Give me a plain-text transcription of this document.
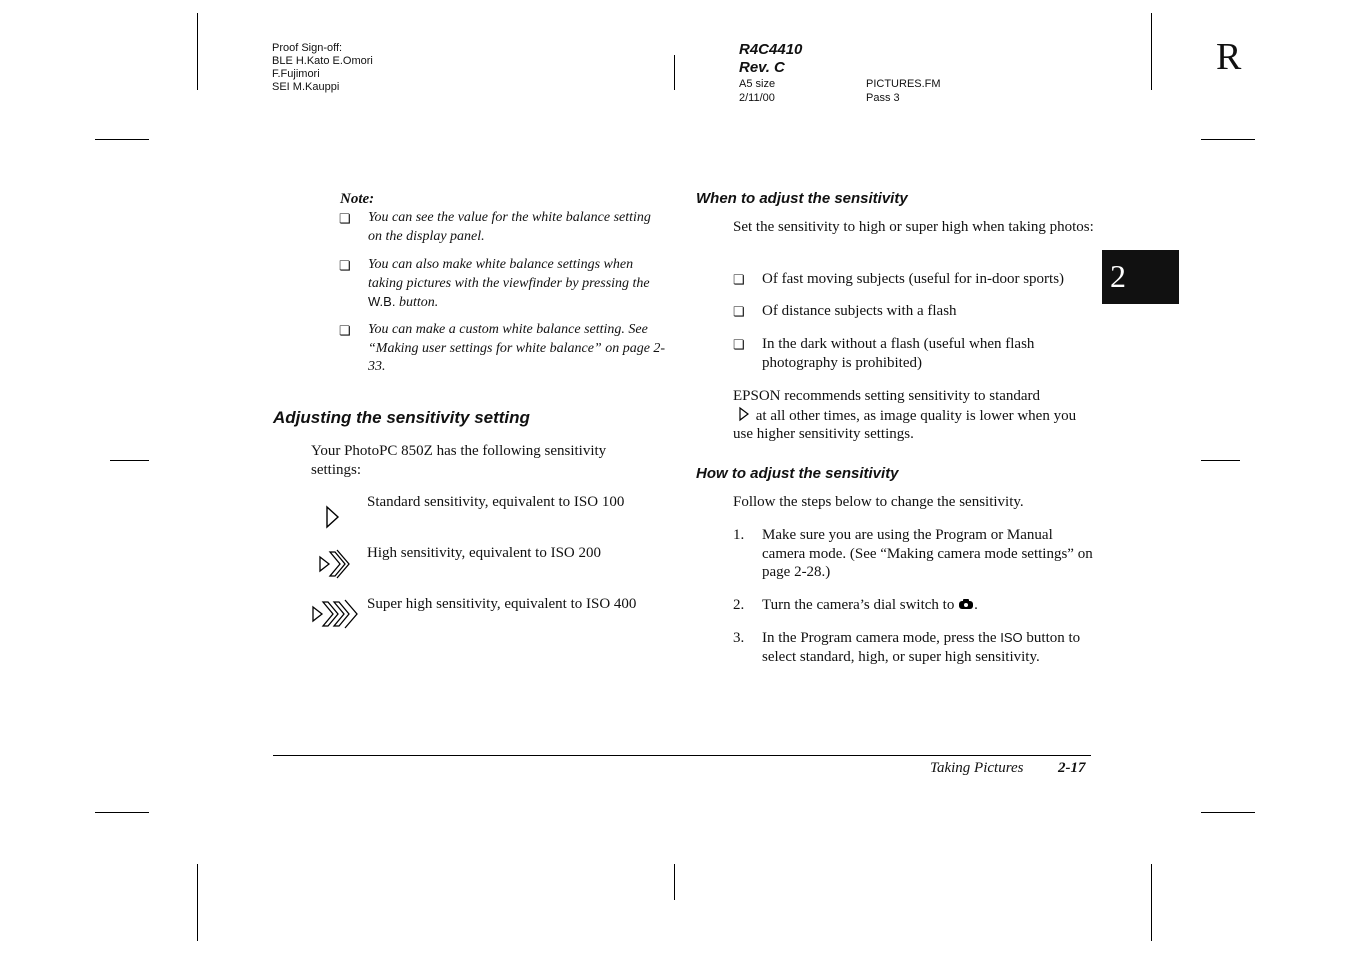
Proof Sign-off:
BLE H.Kato E.Omori
F.Fujimori
SEI M.Kauppi
R4C4410
Rev. C
A5 size
2/11/00
PICTURES.FM
Pass 3
R
2
Note:
❏ You can see the value for the white balance setting on the display panel.
❏ You can also make white balance settings when taking pictures with the viewfinder by pressing the W.B. button.
❏ You can make a custom white balance setting. See “Making user settings for white balance” on page 2-33.
Adjusting the sensitivity setting
Your PhotoPC 850Z has the following sensitivity settings:
Standard sensitivity, equivalent to ISO 100
High sensitivity, equivalent to ISO 200
Super high sensitivity, equivalent to ISO 400
When to adjust the sensitivity
Set the sensitivity to high or super high when taking photos:
❏ Of fast moving subjects (useful for in-door sports)
❏ Of distance subjects with a flash
❏ In the dark without a flash (useful when flash photography is prohibited)
EPSON recommends setting sensitivity to standard
at all other times, as image quality is lower when you use higher sensitivity settings.
How to adjust the sensitivity
Follow the steps below to change the sensitivity.
1. Make sure you are using the Program or Manual camera mode. (See “Making camera mode settings” on page 2-28.)
2. Turn the camera’s dial switch to .
3. In the Program camera mode, press the ISO button to select standard, high, or super high sensitivity.
Taking Pictures 2-17
